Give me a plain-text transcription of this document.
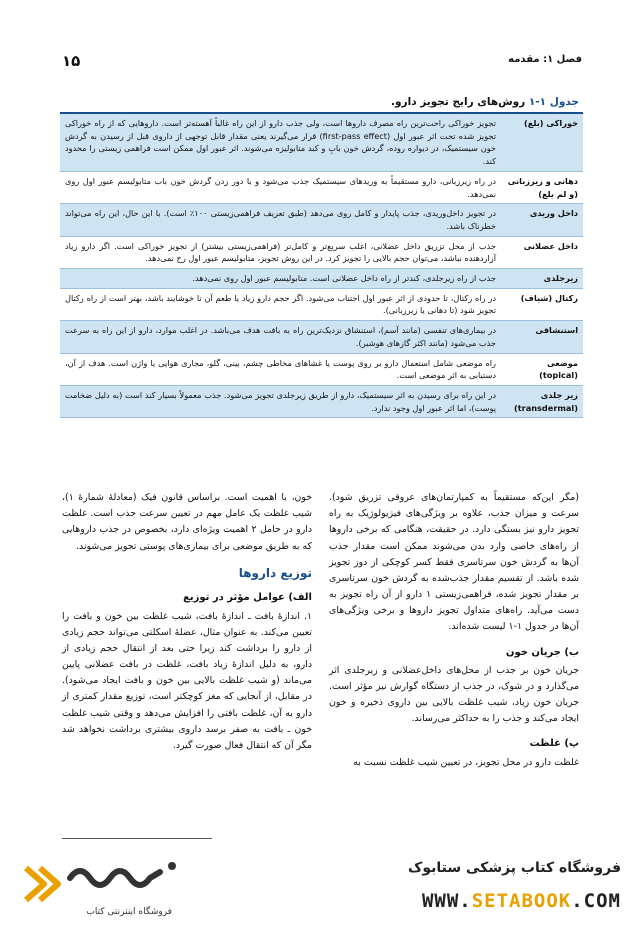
فصل ۱: مقدمه
۱۵
جدول ۱-۱ روش‌های رایج تجویز دارو.
خوراکی (بلع)	تجویز خوراکی راحت‌ترین راه مصرف داروها است، ولی جذب دارو از این راه غالباً آهسته‌تر است. داروهایی که از راه خوراکی تجویز شده تحت اثر عبور اول (first-pass effect) قرار می‌گیرند یعنی مقدار قابل توجهی از داروی قبل از رسیدن به گردش خون سیستمیک، در دیواره روده، گردش خون بابِ و کبد متابولیزه می‌شوند. اثر عبور اول ممکن است فراهمی زیستی را محدود کند.
دهانی و زیرزبانی (و لم بلع)	در راه زیرزبانی، دارو مستقیماً به وریدهای سیستمیک جذب می‌شود و با دور زدن گردش خون باب متابولیسم عبور اول روی نمی‌دهد.
داخل وریدی	در تجویز داخل‌وریدی، جذب پایدار و کامل روی می‌دهد (طبق تعریف فراهمی‌زیستی ۱۰۰٪ است). با این حال، این راه می‌تواند خطرناک باشد.
داخل عضلانی	جذب از محل تزریق داخل عضلانی، اغلب سریع‌تر و کامل‌تر (فراهمی‌زیستی بیشتر) از تجویز خوراکی است. اگر دارو زیاد آزاردهنده نباشد، می‌توان حجم بالایی را تجویز کرد. در این روش تجویز، متابولیسم عبور اول رخ نمی‌دهد.
زیرجلدی	جذب از راه زیرجلدی، کندتر از راه داخل عضلانی است. متابولیسم عبور اول روی نمی‌دهد.
رکتال (شیاف)	در راه رکتال، تا حدودی از اثر عبور اول اجتناب می‌شود. اگر حجم دارو زیاد یا طعم آن تا خوشایند باشد، بهتر است از راه رکتال تجویز شود (تا دهانی یا زیرزبانی).
استنشاقی	در بیماری‌های تنفسی (مانند آسم)، استنشاق نزدیک‌ترین راه به بافت هدف می‌باشد. در اغلب موارد، دارو از این راه به سرعت جذب می‌شود (مانند اکثر گازهای هوشبر).
موضعی (topical)	راه موضعی شامل استعمال دارو بر روی پوست یا غشاهای مخاطی چشم، بینی، گلو، مجاری هوایی یا واژن است. هدف از آن، دستیابی به اثر موضعی است.
زیر جلدی (transdermal)	در این راه برای رسیدن به اثر سیستمیک، دارو از طریق زیرجلدی تجویز می‌شود. جذب معمولاً بسیار کند است (به دلیل ضخامت پوست)، اما اثر عبور اول وجود ندارد.

(مگر این‌که مستقیماً به کمپارتمان‌های عروقی تزریق شود). سرعت و میزان جذب، علاوه بر ویژگی‌های فیزیولوژیک به راه تجویز دارو نیز بستگی دارد. در حقیقت، هنگامی که برخی داروها از راه‌های خاصی وارد بدن می‌شوند ممکن است مقدار جذب آن‌ها به گردش خون سرتاسری فقط کسر کوچکی از دوز تجویز شده باشد. از تقسیم مقدار جذب‌شده به گردش خون سرتاسری بر مقدار تجویز شده، فراهمی‌زیستی ۱ دارو از آن راه تجویز به دست می‌آید. راه‌های متداول تجویز داروها و برخی ویژگی‌های آن‌ها در جدول ۱-۱ لیست شده‌اند.

ب) جریان خون

جریان خون بر جذب از محل‌های داخل‌عضلانی و زیرجلدی اثر می‌گذارد و در شوک، در جذب از دستگاه گوارش نیز مؤثر است. جریان خون زیاد، شیب غلظت بالایی بین داروی ذخیره و خون ایجاد می‌کند و جذب را به حداکثر می‌رساند.

پ) غلظت

غلظت دارو در محل تجویز، در تعیین شیب غلظت نسبت به

خون، با اهمیت است. براساس قانون فیک (معادلهٔ شمارهٔ ۱)، شیب غلظت یک عامل مهم در تعیین سرعت جذب است. غلظت دارو در حامل ۲ اهمیت ویژه‌ای دارد، بخصوص در جذب داروهایی که به طریق موضعی برای بیماری‌های پوستی تجویز می‌شوند.

توزیع داروها
الف) عوامل مؤثر در توزیع

۱. اندازهٔ بافت ـ اندازهٔ بافت، شیب غلظت بین خون و بافت را تعیین می‌کند. به عنوان مثال، عضلهٔ اسکلتی می‌تواند حجم زیادی از دارو را برداشت کند زیرا حتی بعد از انتقال حجم زیادی از دارو، به دلیل اندازهٔ زیاد بافت، غلظت در بافت عضلانی پایین می‌ماند (و شیب غلظت بالایی بین خون و بافت ایجاد می‌شود). در مقابل، از آنجایی که مغز کوچکتر است، توزیع مقدار کمتری از دارو به آن، غلظت بافتی را افزایش می‌دهد و وقتی شیب غلظت خون ـ بافت به صفر برسد داروی بیشتری برداشت نخواهد شد مگر آن که انتقال فعال صورت گیرد.

فروشگاه اینترنتی کتاب
فروشگاه کتاب پزشکی ستابوک
WWW.SETABOOK.COM
